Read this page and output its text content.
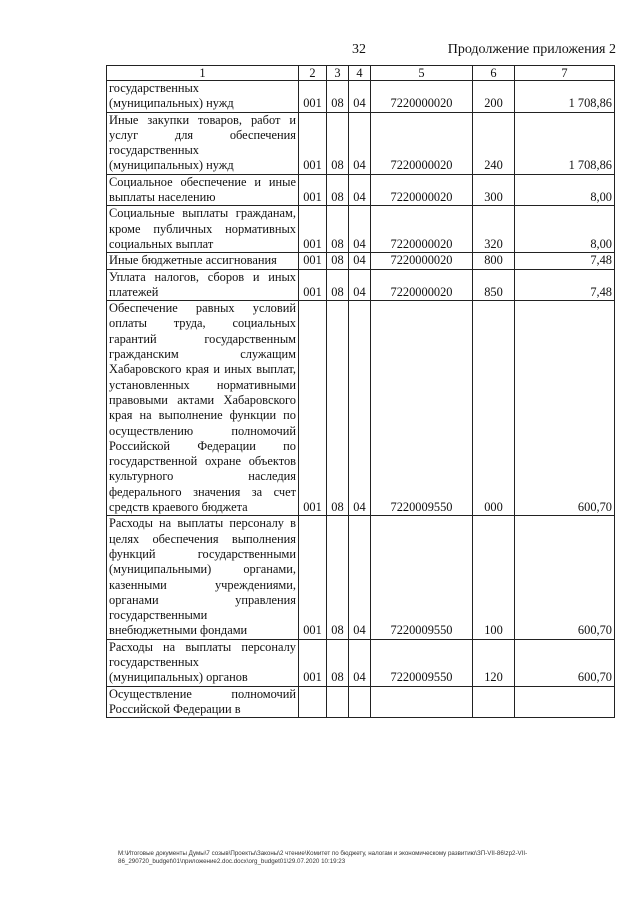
32	Продолжение приложения 2
1	2	3	4	5	6	7
государственных (муниципальных) нужд	001	08	04	7220000020	200	1 708,86
Иные закупки товаров, работ и услуг для обеспечения государственных (муниципальных) нужд	001	08	04	7220000020	240	1 708,86
Социальное обеспечение и иные выплаты населению	001	08	04	7220000020	300	8,00
Социальные выплаты гражданам, кроме публичных нормативных социальных выплат	001	08	04	7220000020	320	8,00
Иные бюджетные ассигнования	001	08	04	7220000020	800	7,48
Уплата налогов, сборов и иных платежей	001	08	04	7220000020	850	7,48
Обеспечение равных условий оплаты труда, социальных гарантий государственным гражданским служащим Хабаровского края и иных выплат, установленных нормативными правовыми актами Хабаровского края на выполнение функции по осуществлению полномочий Российской Федерации по государственной охране объектов культурного наследия федерального значения за счет средств краевого бюджета	001	08	04	7220009550	000	600,70
Расходы на выплаты персоналу в целях обеспечения выполнения функций государственными (муниципальными) органами, казенными учреждениями, органами управления государственными внебюджетными фондами	001	08	04	7220009550	100	600,70
Расходы на выплаты персоналу государственных (муниципальных) органов	001	08	04	7220009550	120	600,70
Осуществление полномочий Российской Федерации в						
M:\Итоговые документы Думы\7 созыв\Проекты\Законы\2 чтение\Комитет по бюджету, налогам и экономическому развитию\ЗП-VII-86\zp2-VII-86_290720_budget\01\приложение2.doc.docx\org_budget01\29.07.2020 10:19:23
